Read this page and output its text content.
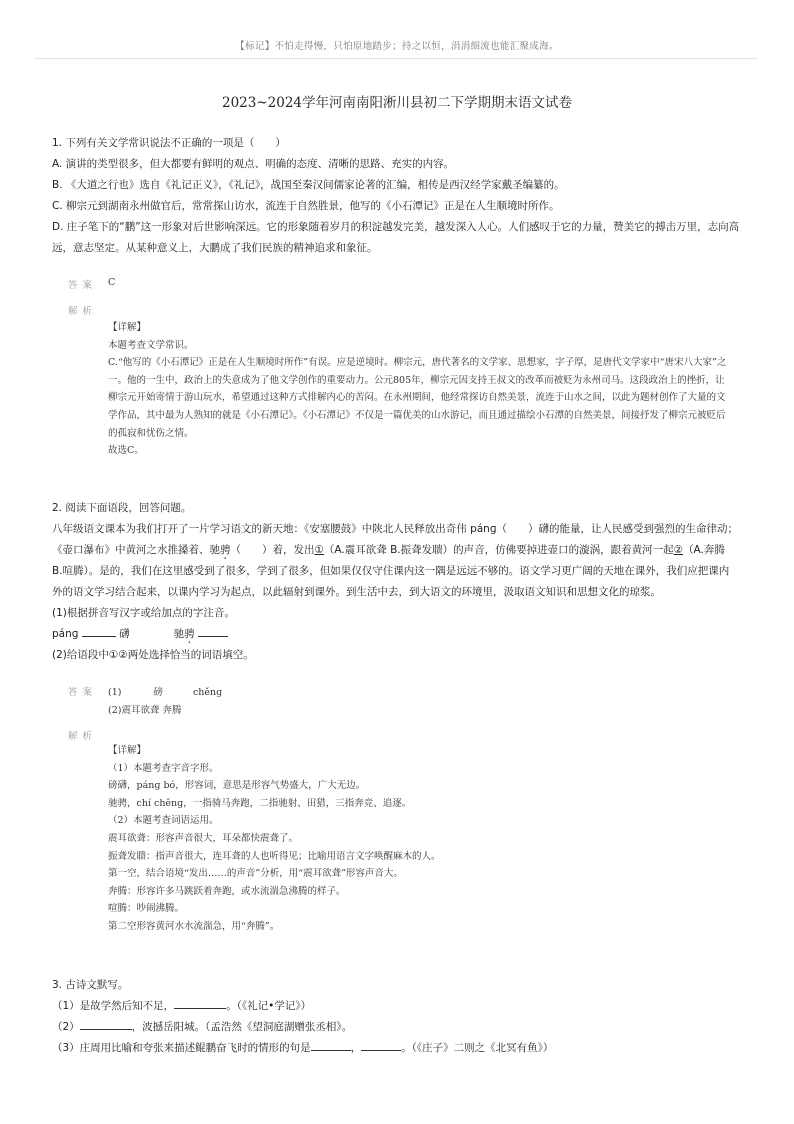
【标记】不怕走得慢，只怕原地踏步；持之以恒，涓涓细流也能汇聚成海。
2023~2024学年河南南阳淅川县初二下学期期末语文试卷
1. 下列有关文学常识说法不正确的一项是（　　）
A. 演讲的类型很多，但大都要有鲜明的观点、明确的态度、清晰的思路、充实的内容。
B. 《大道之行也》选自《礼记正义》，《礼记》，战国至秦汉间儒家论著的汇编，相传是西汉经学家戴圣编纂的。
C. 柳宗元到湖南永州做官后，常常探山访水，流连于自然胜景，他写的《小石潭记》正是在人生顺境时所作。
D. 庄子笔下的“鹏”这一形象对后世影响深远。它的形象随着岁月的积淀越发完美，越发深入人心。人们感叹于它的力量，赞美它的搏击万里，志向高远，意志坚定。从某种意义上，大鹏成了我们民族的精神追求和象征。
答案 C
解析
【详解】
本题考查文学常识。
C.“他写的《小石潭记》正是在人生顺境时所作”有误。应是逆境时。柳宗元，唐代著名的文学家、思想家，字子厚，是唐代文学家中“唐宋八大家”之一。他的一生中，政治上的失意成为了他文学创作的重要动力。公元805年，柳宗元因支持王叔文的改革而被贬为永州司马。这段政治上的挫折，让柳宗元开始寄情于游山玩水，希望通过这种方式排解内心的苦闷。在永州期间，他经常探访自然美景，流连于山水之间，以此为题材创作了大量的文学作品，其中最为人熟知的就是《小石潭记》。《小石潭记》不仅是一篇优美的山水游记，而且通过描绘小石潭的自然美景，间接抒发了柳宗元被贬后的孤寂和忧伤之情。
故选C。
2. 阅读下面语段，回答问题。
八年级语文课本为我们打开了一片学习语文的新天地：《安塞腰鼓》中陕北人民释放出奇伟 pánɡ（　　）礴的能量，让人民感受到强烈的生命律动；
《壶口瀑布》中黄河之水推搡着、驰骋（　　）着，发出①（A.震耳欲聋 B.振聋发聩）的声音，仿佛要掉进壶口的漩涡，跟着黄河一起②（A.奔腾
B.喧腾）。是的，我们在这里感受到了很多，学到了很多，但如果仅仅守住课内这一隅是远远不够的。语文学习更广阔的天地在课外，我们应把课内
外的语文学习结合起来，以课内学习为起点，以此辐射到课外。到生活中去，到大语文的环境里，汲取语文知识和思想文化的琼浆。
(1)根据拼音写汉字或给加点的字注音。
pánɡ	礴	驰骋
(2)给语段中①②两处选择恰当的词语填空。
答案 (1)	磅	chěnɡ
(2)震耳欲聋 奔腾
解析
【详解】
（1）本题考查字音字形。
磅礴，pánɡ bó，形容词，意思是形容气势盛大，广大无边。
驰骋，chí chěnɡ，一指骑马奔跑，二指驰射、田猎，三指奔竞、追逐。
（2）本题考查词语运用。
震耳欲聋：形容声音很大，耳朵都快震聋了。
振聋发聩：指声音很大，连耳聋的人也听得见；比喻用语言文字唤醒麻木的人。
第一空，结合语境“发出……的声音”分析，用“震耳欲聋”形容声音大。
奔腾：形容许多马跳跃着奔跑，或水流湍急沸腾的样子。
喧腾：吵闹沸腾。
第二空形容黄河水水流湍急，用“奔腾”。
3. 古诗文默写。
（1）是故学然后知不足，	。（《礼记•学记》）
（2）	，波撼岳阳城。（孟浩然《望洞庭湖赠张丞相》。
（3）庄周用比喻和夸张来描述鲲鹏奋飞时的情形的句是	，	。（《庄子》二则之《北冥有鱼》）
